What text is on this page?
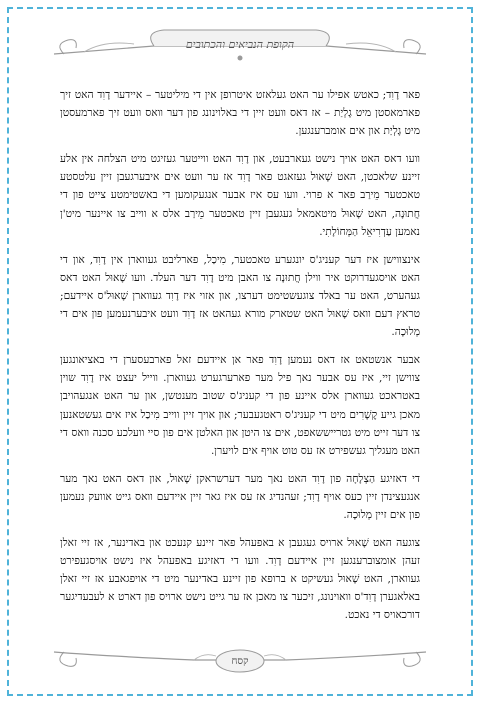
הקופת הנביאים והכתובים

פאר דָוִד; כאטש אפילו ער האט געלאזט איטרופן אין די מיליטער – איידער דָוִד האט זיך פארמאסטן מיט גָלְיַת – אז דאס וועט זיין די באלוינונג פון דער וואס וועט זיך פארמעסטן מיט גָלְיַת און אים אומברענגען.

וועו דאס האט אויך נישט געארבעט, און דָוִד האט ווייטער געזיגט מיט הצלחה אין אלע זיינע שלאכטן, האט שָׁאוּל געזאגט פאר דָוִד אז ער וועט אים איבערגעבן זיין עלטסטע טאכטער מֵירַב פאר א פרוי. וועו עס איז אבער אנגעקומען די באשטימטע צייט פון די חֲתוּנָה, האט שָׁאוּל מיטאמאל געגעבן זיין טאכטער מֵירַב אלס א ווייב צו איינער מיט'ן נאמען עַדְרִיאֵל הַמְּחוֹלָתִי.

אינצווישן איז דער קעניג'ס יונגערע טאכטער, מִיכַל, פארליבט געווארן אין דָוִד, און די האט אויסגעדרוקט איר ווילן חֲתוּנָה צו האבן מיט דָוִד דער העלד. וועו שָׁאוּל האט דאס געהערט, האט ער באלד צוגעשטימט דערצו, און אזוי איז דָוִד געווארן שָׁאוּל'ס איידעם; טראץ דעם וואס שָׁאוּל האט שטארק מורא געהאט אז דָוִד וועט איבערנעמען פון אים די מְלוּכָה.

אבער אנשטאט אז דאס נעמען דָוִד פאר אן איידעם זאל פארבעסערן די באציאונגען צווישן זיי, איז עס אבער נאך פיל מער פארערגערט געווארן. ווייל יעצט איז דָוִד שוין באטראכט געווארן אלס איינע פון די קעניג'ס שטוב מענטשן, און ער האט אנגעהויבן מאכן גייע קֶשָׁרִים מיט די קעניג'ס ראטגעבער; און אויך זיין ווייב מִיכַל איז אים געשטאנען צו דער זייט מיט גטרייששאפט, אים צו היטן און האלטן אים פון סיי וועלכע סכנה וואס די האט מעגליך געשפירט אז עס טוט אויף אים לויערן.

די דאזיגע הַצְלָחָה פון דָוִד האט נאך מער דערשראקן שָׁאוּל, און דאס האט נאך מער אנגעצינדן זיין כעס אויף דָוִד; זעהנדיג אז עס איז גאר זיין איידעם וואס גייט אוועק נעמען פון אים זיין מְלוּכָה.

צוגעה האט שָׁאוּל ארויס געגעבן א באפעהל פאר זיינע קנעכט און באדינער, אז זיי זאלן זעהן אומצוברענגען זיין איידעם דָוִד. וועו די דאזיגע באפעהל איז נישט אויסגעפירט געווארן, האט שָׁאוּל געשיקט א ברופא פון זיינע באדינער מיט די אויפגאבע אז זיי זאלן באלאגערן דָוִד'ס וואוינונג, זיכער צו מאכן אז ער גייט נישט ארויס פון דארט א לעבעדיגער דורכאויס די נאכט.

קסח
